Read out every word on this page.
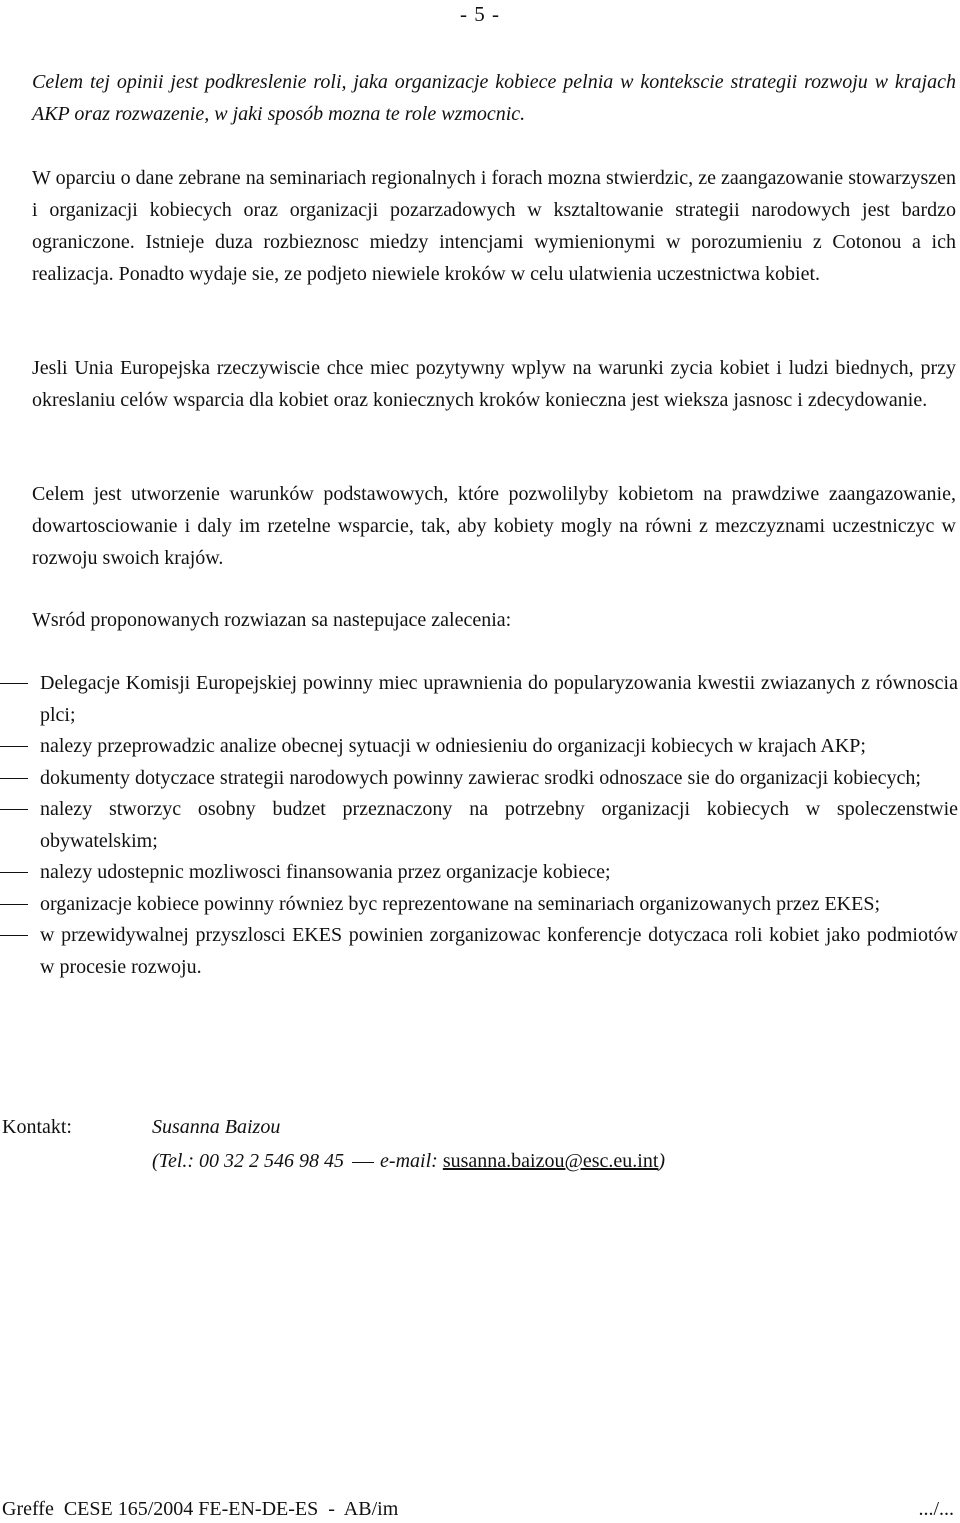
- 5 -

Celem tej opinii jest podkreslenie roli, jaka organizacje kobiece pelnia w kontekscie strategii rozwoju w krajach AKP oraz rozwazenie, w jaki sposób mozna te role wzmocnic.

W oparciu o dane zebrane na seminariach regionalnych i forach mozna stwierdzic, ze zaangazowanie stowarzyszen i organizacji kobiecych oraz organizacji pozarzadowych w ksztaltowanie strategii narodowych jest bardzo ograniczone. Istnieje duza rozbieznosc miedzy intencjami wymienionymi w porozumieniu z Cotonou a ich realizacja. Ponadto wydaje sie, ze podjeto niewiele kroków w celu ulatwienia uczestnictwa kobiet.

Jesli Unia Europejska rzeczywiscie chce miec pozytywny wplyw na warunki zycia kobiet i ludzi biednych, przy okreslaniu celów wsparcia dla kobiet oraz koniecznych kroków konieczna jest wieksza jasnosc i zdecydowanie.

Celem jest utworzenie warunków podstawowych, które pozwolilyby kobietom na prawdziwe zaangazowanie, dowartosciowanie i daly im rzetelne wsparcie, tak, aby kobiety mogly na równi z mezczyznami uczestniczyc w rozwoju swoich krajów.

Wsród proponowanych rozwiazan sa nastepujace zalecenia:

Delegacje Komisji Europejskiej powinny miec uprawnienia do popularyzowania kwestii zwiazanych z równoscia plci;
nalezy przeprowadzic analize obecnej sytuacji w odniesieniu do organizacji kobiecych w krajach AKP;
dokumenty dotyczace strategii narodowych powinny zawierac srodki odnoszace sie do organizacji kobiecych;
nalezy stworzyc osobny budzet przeznaczony na potrzebny organizacji kobiecych w spoleczenstwie obywatelskim;
nalezy udostepnic mozliwosci finansowania przez organizacje kobiece;
organizacje kobiece powinny równiez byc reprezentowane na seminariach organizowanych przez EKES;
w przewidywalnej przyszlosci EKES powinien zorganizowac konferencje dotyczaca roli kobiet jako podmiotów w procesie rozwoju.
Kontakt:	Susanna Baizou
(Tel.: 00 32 2 546 98 45 e-mail: susanna.baizou@esc.eu.int)
Greffe  CESE 165/2004 FE-EN-DE-ES  -  AB/im	.../...
